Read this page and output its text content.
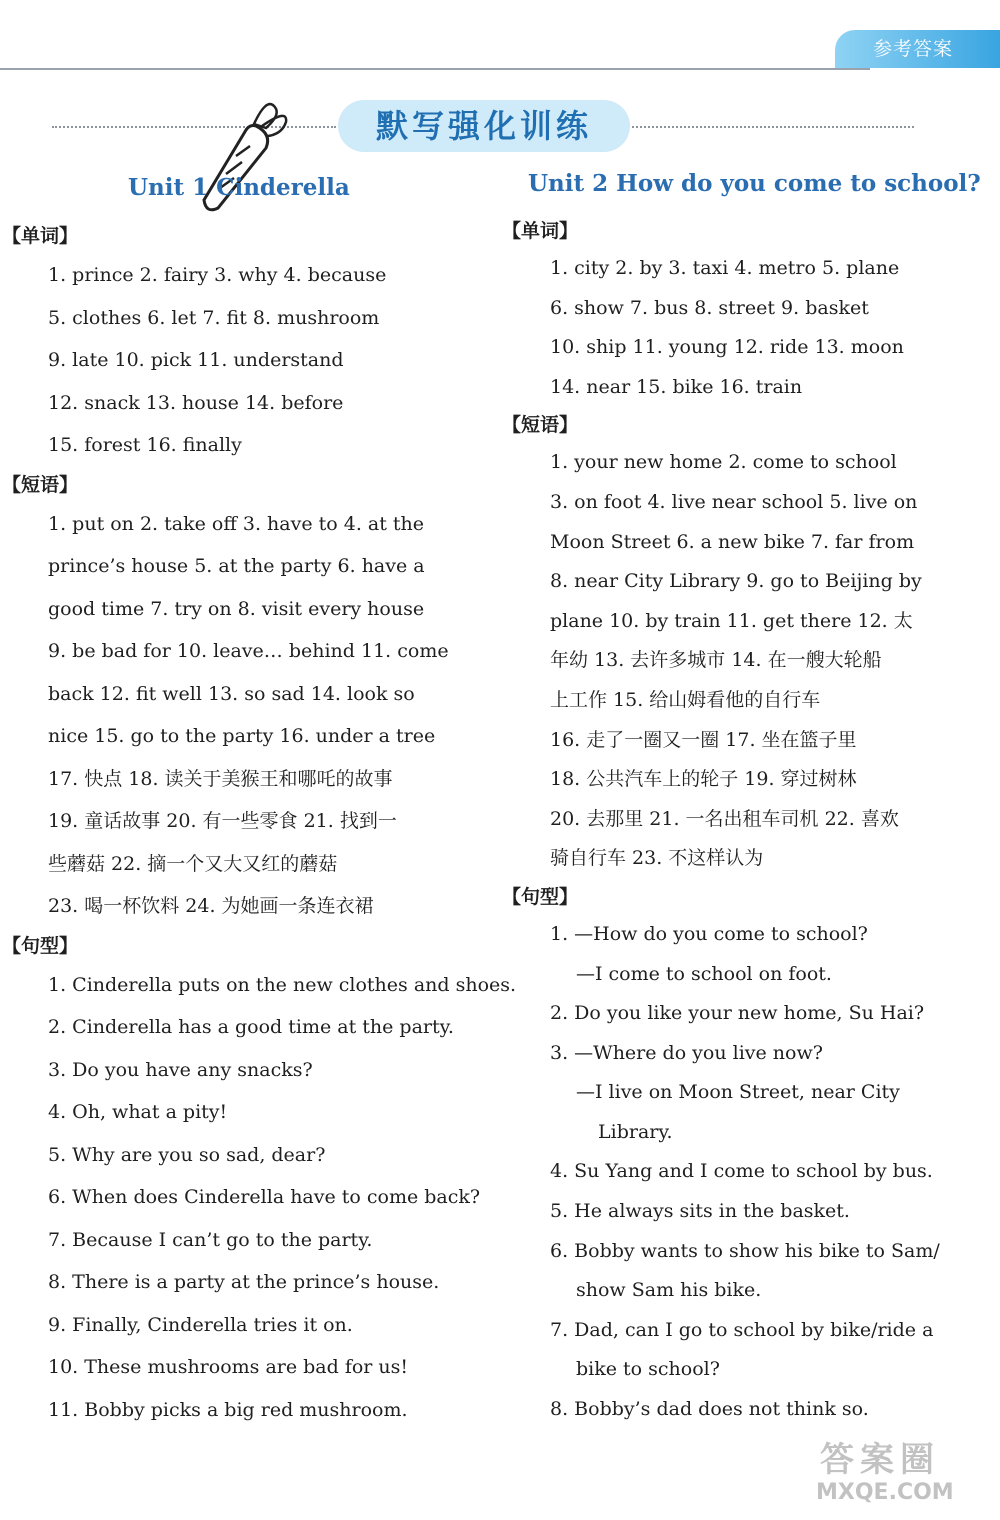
参考答案
默写强化训练
Unit 1 Cinderella	Unit 2 How do you come to school?
【单词】
1. prince 2. fairy 3. why 4. because
5. clothes 6. let 7. fit 8. mushroom
9. late 10. pick 11. understand
12. snack 13. house 14. before
15. forest 16. finally
【短语】
1. put on 2. take off 3. have to 4. at the
prince’s house 5. at the party 6. have a
good time 7. try on 8. visit every house
9. be bad for 10. leave… behind 11. come
back 12. fit well 13. so sad 14. look so
nice 15. go to the party 16. under a tree
17. 快点 18. 读关于美猴王和哪吒的故事
19. 童话故事 20. 有一些零食 21. 找到一
些蘑菇 22. 摘一个又大又红的蘑菇
23. 喝一杯饮料 24. 为她画一条连衣裙
【句型】
1. Cinderella puts on the new clothes and shoes.
2. Cinderella has a good time at the party.
3. Do you have any snacks?
4. Oh, what a pity!
5. Why are you so sad, dear?
6. When does Cinderella have to come back?
7. Because I can’t go to the party.
8. There is a party at the prince’s house.
9. Finally, Cinderella tries it on.
10. These mushrooms are bad for us!
11. Bobby picks a big red mushroom.
【单词】
1. city 2. by 3. taxi 4. metro 5. plane
6. show 7. bus 8. street 9. basket
10. ship 11. young 12. ride 13. moon
14. near 15. bike 16. train
【短语】
1. your new home 2. come to school
3. on foot 4. live near school 5. live on
Moon Street 6. a new bike 7. far from
8. near City Library 9. go to Beijing by
plane 10. by train 11. get there 12. 太
年幼 13. 去许多城市 14. 在一艘大轮船
上工作 15. 给山姆看他的自行车
16. 走了一圈又一圈 17. 坐在篮子里
18. 公共汽车上的轮子 19. 穿过树林
20. 去那里 21. 一名出租车司机 22. 喜欢
骑自行车 23. 不这样认为
【句型】
1. —How do you come to school?
—I come to school on foot.
2. Do you like your new home, Su Hai?
3. —Where do you live now?
—I live on Moon Street, near City
Library.
4. Su Yang and I come to school by bus.
5. He always sits in the basket.
6. Bobby wants to show his bike to Sam/
show Sam his bike.
7. Dad, can I go to school by bike/ride a
bike to school?
8. Bobby’s dad does not think so.
答案圈
MXQE.COM
